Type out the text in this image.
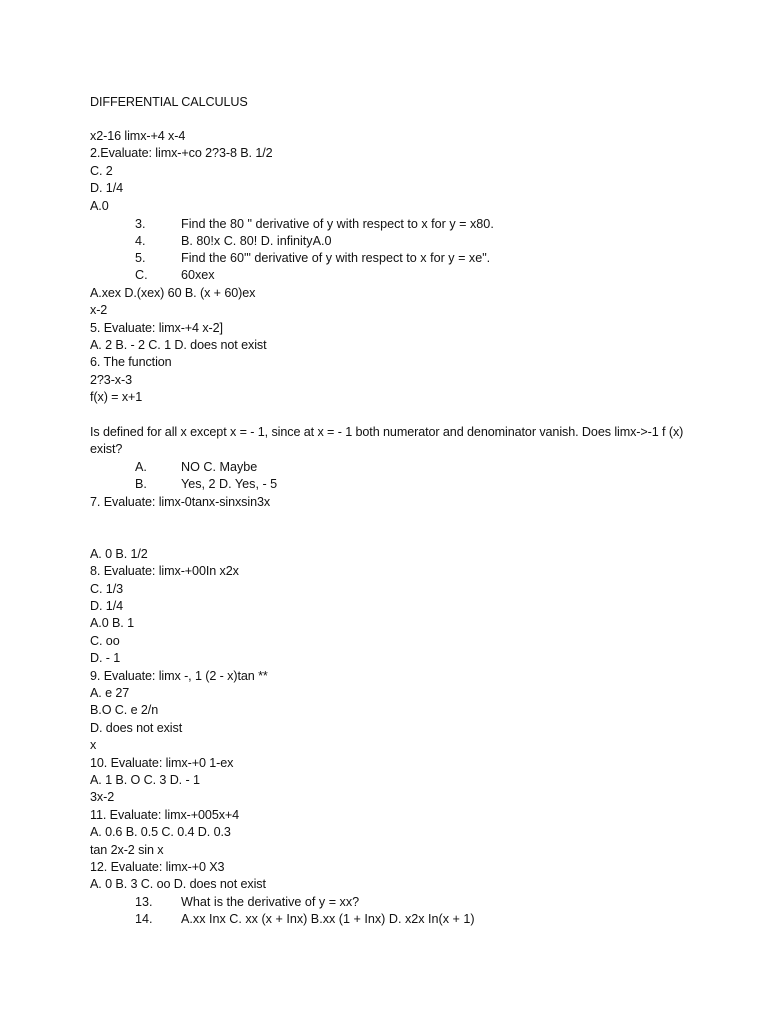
DIFFERENTIAL CALCULUS
x2-16 limx-+4 x-4
2.Evaluate: limx-+co 2?3-8 B. 1/2
C. 2
D. 1/4
A.0
3.	Find the 80 " derivative of y with respect to x for y = x80.
4.	B. 80!x C. 80! D. infinityA.0
5.	Find the 60'" derivative of y with respect to x for y = xe".
C.	60xex
A.xex D.(xex) 60 B. (x + 60)ex
x-2
5. Evaluate: limx-+4 x-2]
A. 2 B. - 2 C. 1 D. does not exist
6. The function
2?3-x-3
f(x) = x+1
Is defined for all x except x = - 1, since at x = - 1 both numerator and denominator vanish. Does limx->-1 f (x) exist?
A.	NO C. Maybe
B.	Yes, 2 D. Yes, - 5
7. Evaluate: limx-0tanx-sinxsin3x
A. 0 B. 1/2
8. Evaluate: limx-+00In x2x
C. 1/3
D. 1/4
A.0 B. 1
C. oo
D. - 1
9. Evaluate: limx -, 1 (2 - x)tan **
A. e 27
B.O C. e 2/n
D. does not exist
x
10. Evaluate: limx-+0 1-ex
A. 1 B. O C. 3 D. - 1
3x-2
11. Evaluate: limx-+005x+4
A. 0.6 B. 0.5 C. 0.4 D. 0.3
tan 2x-2 sin x
12. Evaluate: limx-+0 X3
A. 0 B. 3 C. oo D. does not exist
13. What is the derivative of y = xx?
14. A.xx Inx C. xx (x + Inx) B.xx (1 + Inx) D. x2x In(x + 1)
